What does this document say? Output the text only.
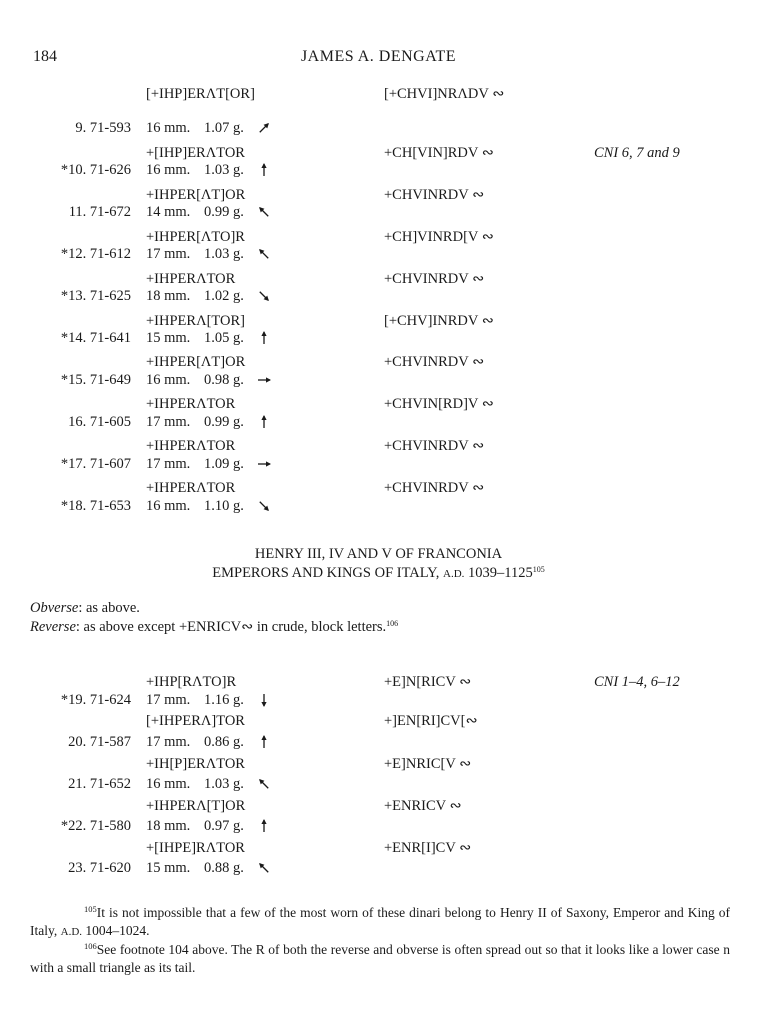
184	JAMES A. DENGATE
[+IHP]ERΛT[OR]	[+CHVI]NRΛDV ∾
9. 71-593 16 mm. 1.07 g.
+[IHP]ERΛTOR	+CH[VIN]RDV ∾	CNI 6, 7 and 9
*10. 71-626 16 mm. 1.03 g.
+IHPER[ΛT]OR	+CHVINRDV ∾
11. 71-672 14 mm. 0.99 g.
+IHPER[ΛTO]R	+CH]VINRD[V ∾
*12. 71-612 17 mm. 1.03 g.
+IHPERΛTOR	+CHVINRDV ∾
*13. 71-625 18 mm. 1.02 g.
+IHPERΛ[TOR]	[+CHV]INRDV ∾
*14. 71-641 15 mm. 1.05 g.
+IHPER[ΛT]OR	+CHVINRDV ∾
*15. 71-649 16 mm. 0.98 g.
+IHPERΛTOR	+CHVIN[RD]V ∾
16. 71-605 17 mm. 0.99 g.
+IHPERΛTOR	+CHVINRDV ∾
*17. 71-607 17 mm. 1.09 g.
+IHPERΛTOR	+CHVINRDV ∾
*18. 71-653 16 mm. 1.10 g.
HENRY III, IV AND V OF FRANCONIA
EMPERORS AND KINGS OF ITALY, A.D. 1039–1125$^{105}$
Obverse: as above.
Reverse: as above except +ENRICV∾ in crude, block letters.$^{106}$
+IHP[RΛTO]R	+E]N[RICV ∾	CNI 1–4, 6–12
*19. 71-624 17 mm. 1.16 g.
[+IHPERΛ]TOR	+]EN[RI]CV[∾
20. 71-587 17 mm. 0.86 g.
+IH[P]ERΛTOR	+E]NRIC[V ∾
21. 71-652 16 mm. 1.03 g.
+IHPERΛ[T]OR	+ENRICV ∾
*22. 71-580 18 mm. 0.97 g.
+[IHPE]RΛTOR	+ENR[I]CV ∾
23. 71-620 15 mm. 0.88 g.

$^{105}$It is not impossible that a few of the most worn of these dinari belong to Henry II of Saxony, Emperor and King of Italy, A.D. 1004–1024.

$^{106}$See footnote 104 above. The R of both the reverse and obverse is often spread out so that it looks like a lower case n with a small triangle as its tail.
